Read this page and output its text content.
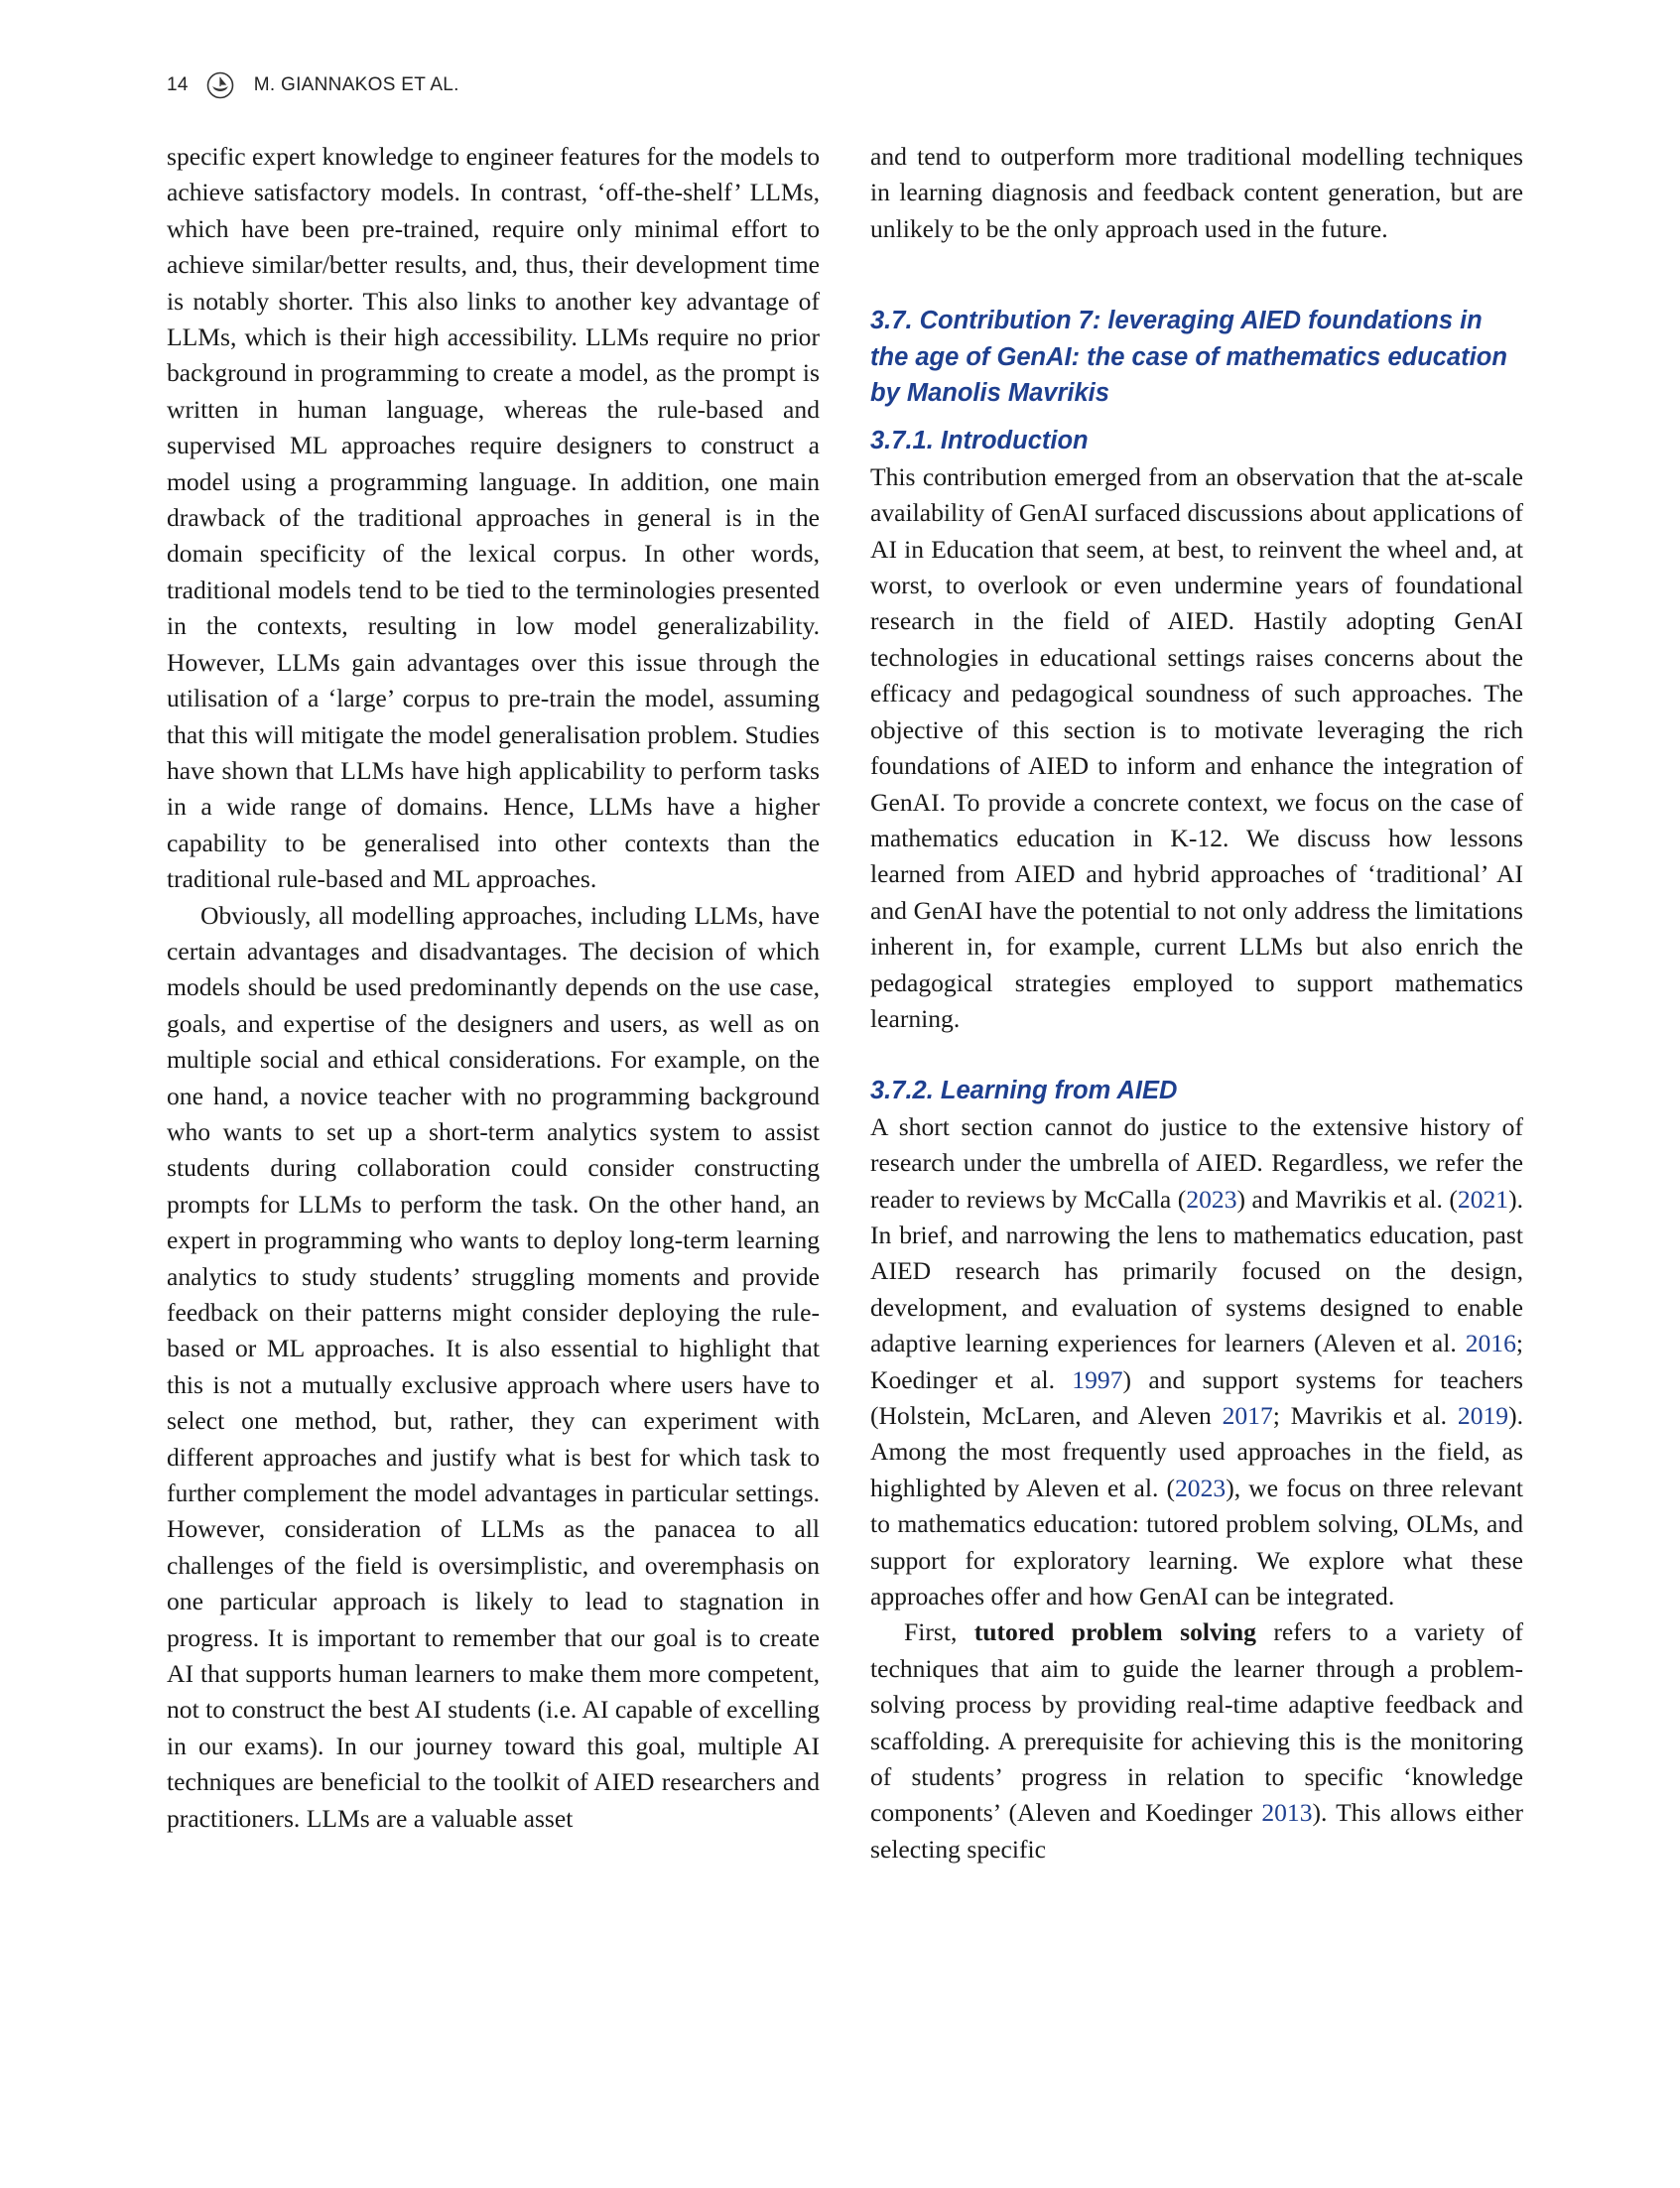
14	M. GIANNAKOS ET AL.

specific expert knowledge to engineer features for the models to achieve satisfactory models. In contrast, ‘off-the-shelf’ LLMs, which have been pre-trained, require only minimal effort to achieve similar/better results, and, thus, their development time is notably shorter. This also links to another key advantage of LLMs, which is their high accessibility. LLMs require no prior background in programming to create a model, as the prompt is written in human language, whereas the rule-based and supervised ML approaches require designers to construct a model using a programming language. In addition, one main drawback of the traditional approaches in general is in the domain specificity of the lexical corpus. In other words, traditional models tend to be tied to the terminologies presented in the contexts, resulting in low model generalizability. However, LLMs gain advantages over this issue through the utilisation of a ‘large’ corpus to pre-train the model, assuming that this will mitigate the model generalisation problem. Studies have shown that LLMs have high applicability to perform tasks in a wide range of domains. Hence, LLMs have a higher capability to be generalised into other contexts than the traditional rule-based and ML approaches.

Obviously, all modelling approaches, including LLMs, have certain advantages and disadvantages. The decision of which models should be used predominantly depends on the use case, goals, and expertise of the designers and users, as well as on multiple social and ethical considerations. For example, on the one hand, a novice teacher with no programming background who wants to set up a short-term analytics system to assist students during collaboration could consider constructing prompts for LLMs to perform the task. On the other hand, an expert in programming who wants to deploy long-term learning analytics to study students’ struggling moments and provide feedback on their patterns might consider deploying the rule-based or ML approaches. It is also essential to highlight that this is not a mutually exclusive approach where users have to select one method, but, rather, they can experiment with different approaches and justify what is best for which task to further complement the model advantages in particular settings. However, consideration of LLMs as the panacea to all challenges of the field is oversimplistic, and overemphasis on one particular approach is likely to lead to stagnation in progress. It is important to remember that our goal is to create AI that supports human learners to make them more competent, not to construct the best AI students (i.e. AI capable of excelling in our exams). In our journey toward this goal, multiple AI techniques are beneficial to the toolkit of AIED researchers and practitioners. LLMs are a valuable asset

and tend to outperform more traditional modelling techniques in learning diagnosis and feedback content generation, but are unlikely to be the only approach used in the future.

3.7. Contribution 7: leveraging AIED foundations in the age of GenAI: the case of mathematics education by Manolis Mavrikis
3.7.1. Introduction

This contribution emerged from an observation that the at-scale availability of GenAI surfaced discussions about applications of AI in Education that seem, at best, to reinvent the wheel and, at worst, to overlook or even undermine years of foundational research in the field of AIED. Hastily adopting GenAI technologies in educational settings raises concerns about the efficacy and pedagogical soundness of such approaches. The objective of this section is to motivate leveraging the rich foundations of AIED to inform and enhance the integration of GenAI. To provide a concrete context, we focus on the case of mathematics education in K-12. We discuss how lessons learned from AIED and hybrid approaches of ‘traditional’ AI and GenAI have the potential to not only address the limitations inherent in, for example, current LLMs but also enrich the pedagogical strategies employed to support mathematics learning.

3.7.2. Learning from AIED

A short section cannot do justice to the extensive history of research under the umbrella of AIED. Regardless, we refer the reader to reviews by McCalla (2023) and Mavrikis et al. (2021). In brief, and narrowing the lens to mathematics education, past AIED research has primarily focused on the design, development, and evaluation of systems designed to enable adaptive learning experiences for learners (Aleven et al. 2016; Koedinger et al. 1997) and support systems for teachers (Holstein, McLaren, and Aleven 2017; Mavrikis et al. 2019). Among the most frequently used approaches in the field, as highlighted by Aleven et al. (2023), we focus on three relevant to mathematics education: tutored problem solving, OLMs, and support for exploratory learning. We explore what these approaches offer and how GenAI can be integrated.

First, tutored problem solving refers to a variety of techniques that aim to guide the learner through a problem-solving process by providing real-time adaptive feedback and scaffolding. A prerequisite for achieving this is the monitoring of students’ progress in relation to specific ‘knowledge components’ (Aleven and Koedinger 2013). This allows either selecting specific
